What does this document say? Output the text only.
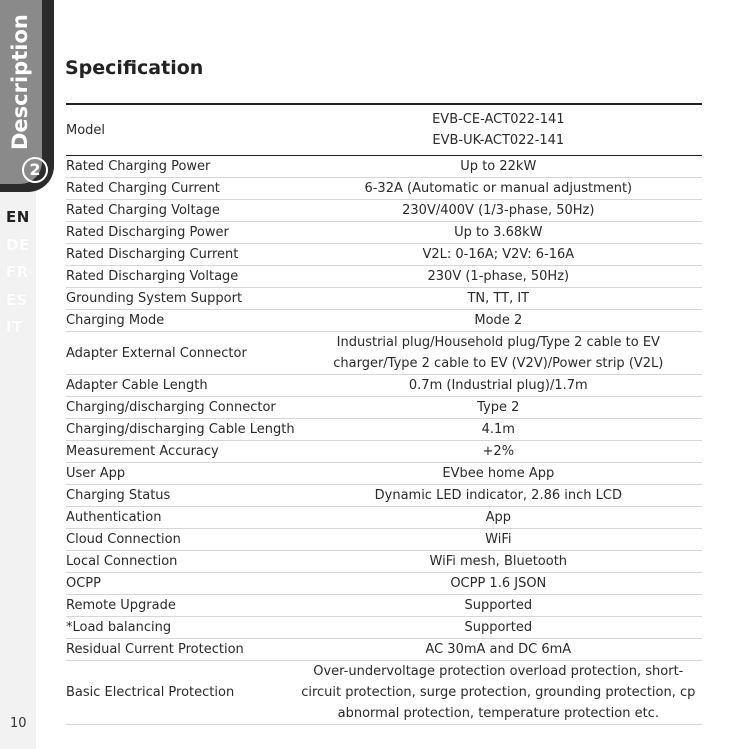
Description
2
EN
DE
FR
ES
IT
Specification
Model	EVB-CE-ACT022-141
EVB-UK-ACT022-141

Rated Charging Power	Up to 22kW
Rated Charging Current	6-32A (Automatic or manual adjustment)
Rated Charging Voltage	230V/400V (1/3-phase, 50Hz)
Rated Discharging Power	Up to 3.68kW
Rated Discharging Current	V2L: 0-16A; V2V: 6-16A
Rated Discharging Voltage	230V (1-phase, 50Hz)
Grounding System Support	TN, TT, IT
Charging Mode	Mode 2
Adapter External Connector	Industrial plug/Household plug/Type 2 cable to EV charger/Type 2 cable to EV (V2V)/Power strip (V2L)
Adapter Cable Length	0.7m (Industrial plug)/1.7m
Charging/discharging Connector	Type 2
Charging/discharging Cable Length	4.1m
Measurement Accuracy	+2%
User App	EVbee home App
Charging Status	Dynamic LED indicator, 2.86 inch LCD
Authentication	App
Cloud Connection	WiFi
Local Connection	WiFi mesh, Bluetooth
OCPP	OCPP 1.6 JSON
Remote Upgrade	Supported
*Load balancing	Supported
Residual Current Protection	AC 30mA and DC 6mA
Basic Electrical Protection	Over-undervoltage protection overload protection, short-circuit protection, surge protection, grounding protection, cp abnormal protection, temperature protection etc.
10
